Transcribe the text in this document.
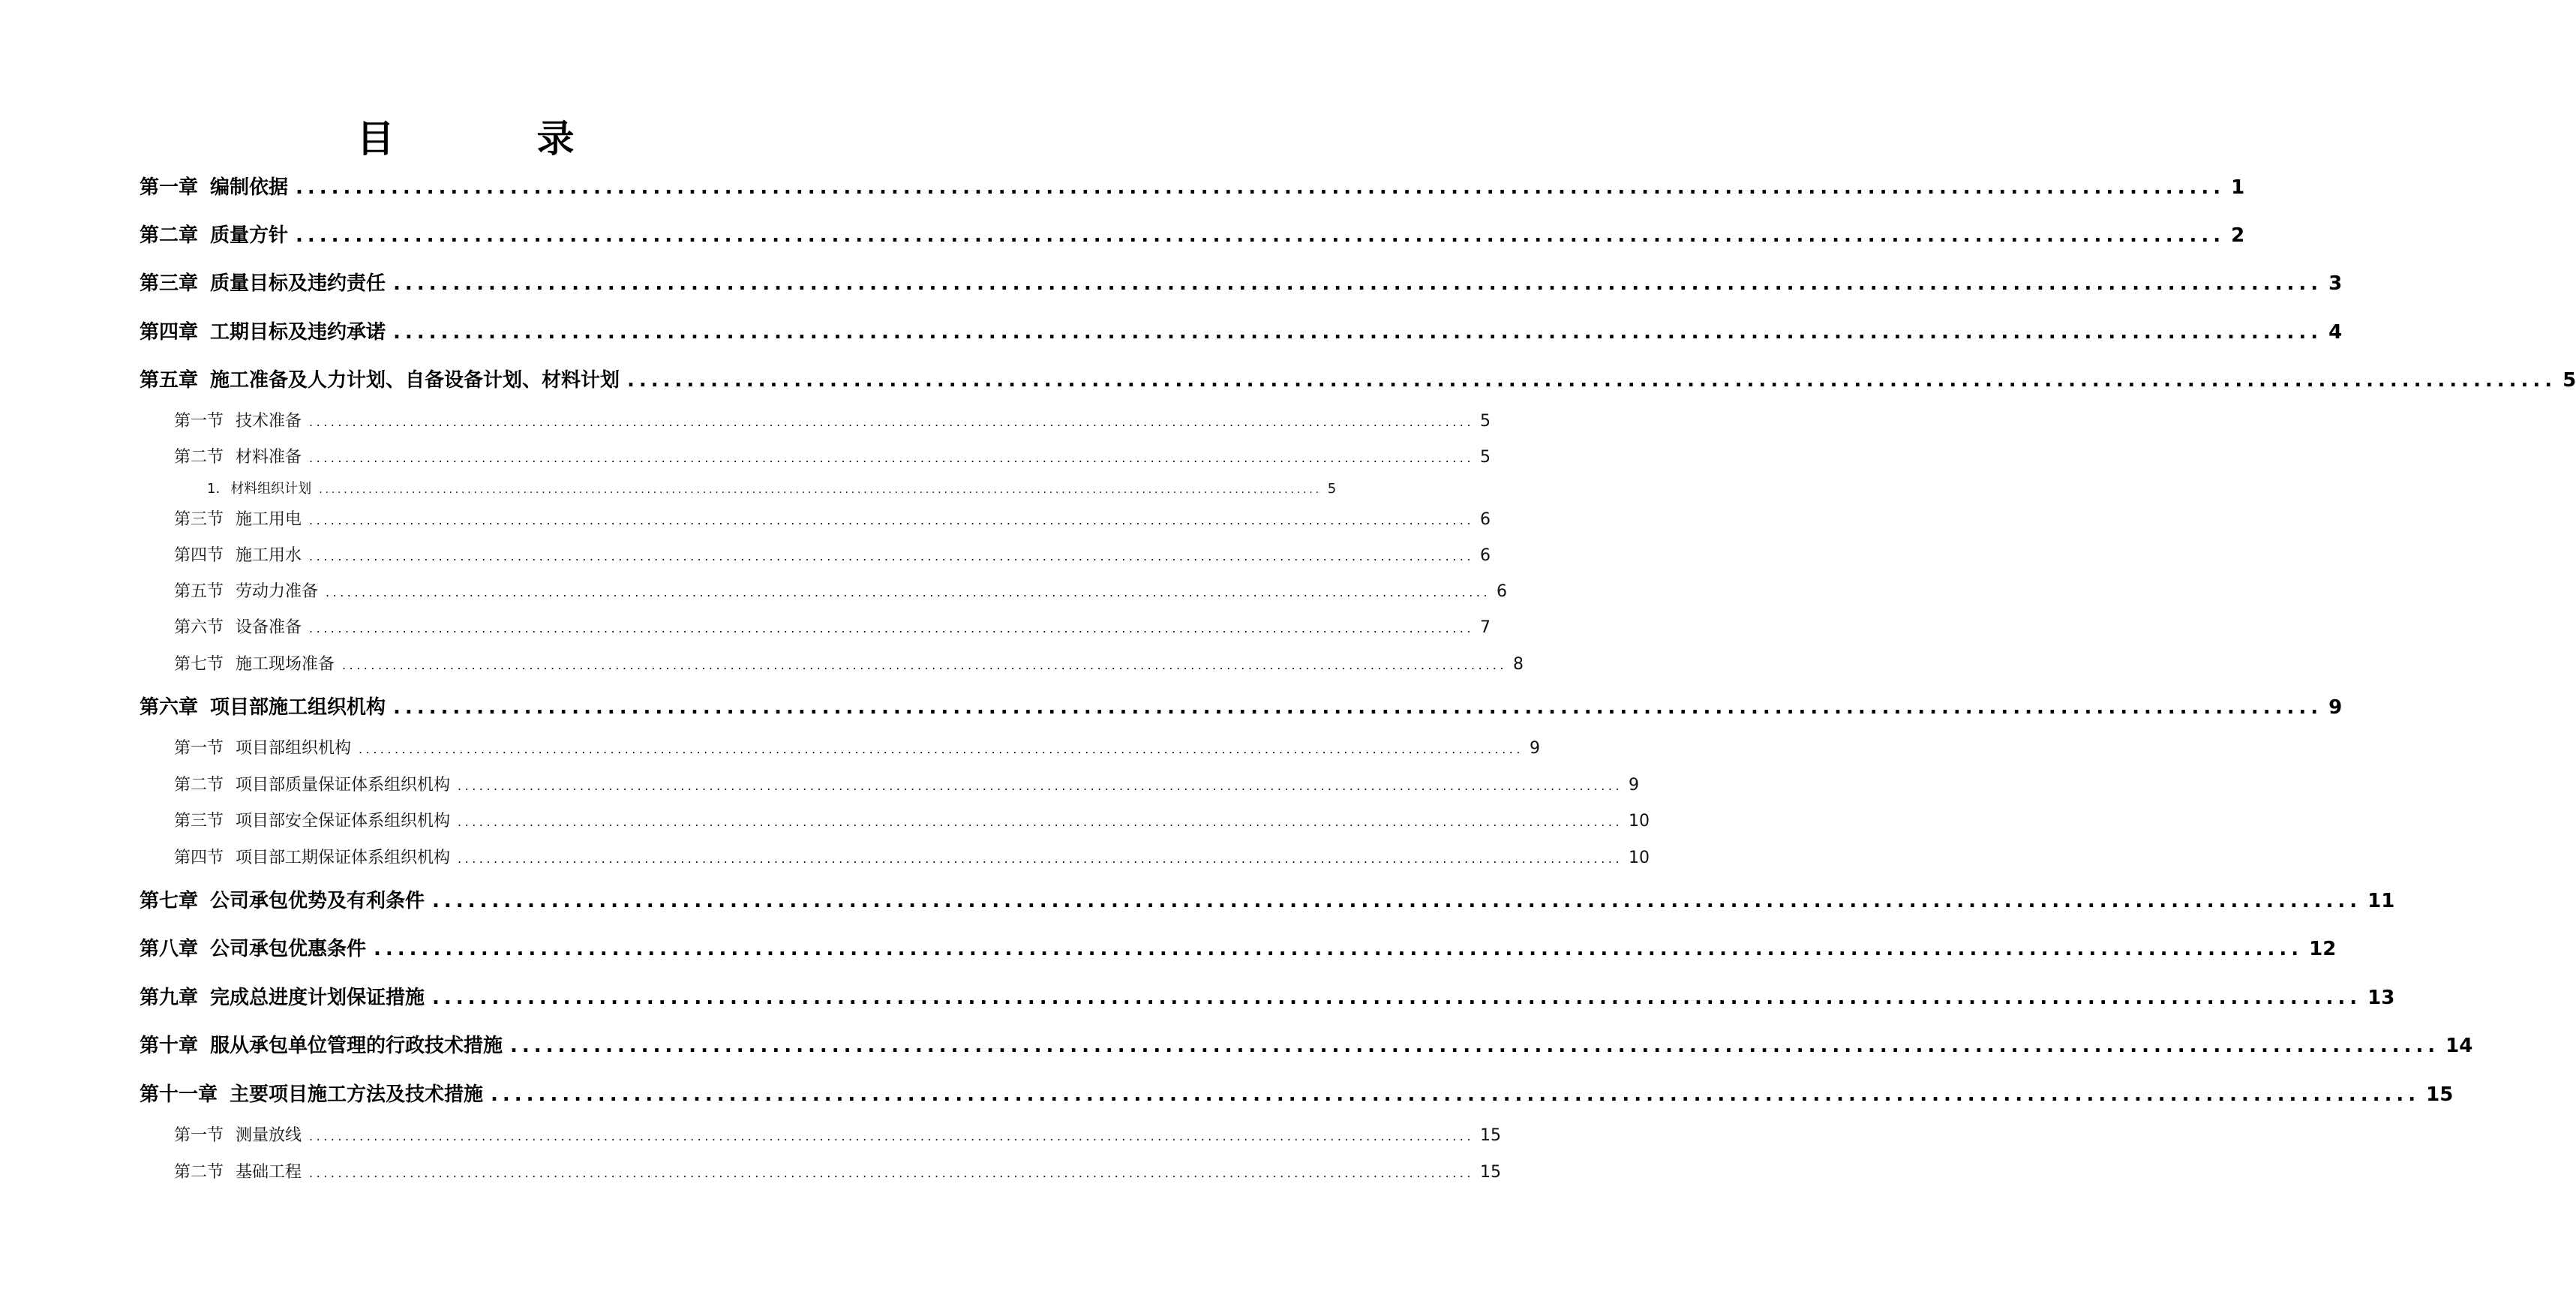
目　录
第一章 编制依据 .................................................................................................................................................................. 1
第二章 质量方针 .................................................................................................................................................................. 2
第三章 质量目标及违约责任 .................................................................................................................................................................. 3
第四章 工期目标及违约承诺 .................................................................................................................................................................. 4
第五章 施工准备及人力计划、自备设备计划、材料计划 .................................................................................................................................................................. 5
第一节 技术准备 .................................................................................................................................................................. 5
第二节 材料准备 .................................................................................................................................................................. 5
1. 材料组织计划 .................................................................................................................................................................. 5
第三节 施工用电 .................................................................................................................................................................. 6
第四节 施工用水 .................................................................................................................................................................. 6
第五节 劳动力准备 .................................................................................................................................................................. 6
第六节 设备准备 .................................................................................................................................................................. 7
第七节 施工现场准备 .................................................................................................................................................................. 8
第六章 项目部施工组织机构 .................................................................................................................................................................. 9
第一节 项目部组织机构 .................................................................................................................................................................. 9
第二节 项目部质量保证体系组织机构 .................................................................................................................................................................. 9
第三节 项目部安全保证体系组织机构 .................................................................................................................................................................. 10
第四节 项目部工期保证体系组织机构 .................................................................................................................................................................. 10
第七章 公司承包优势及有利条件 .................................................................................................................................................................. 11
第八章 公司承包优惠条件 .................................................................................................................................................................. 12
第九章 完成总进度计划保证措施 .................................................................................................................................................................. 13
第十章 服从承包单位管理的行政技术措施 .................................................................................................................................................................. 14
第十一章 主要项目施工方法及技术措施 .................................................................................................................................................................. 15
第一节 测量放线 .................................................................................................................................................................. 15
第二节 基础工程 .................................................................................................................................................................. 15
